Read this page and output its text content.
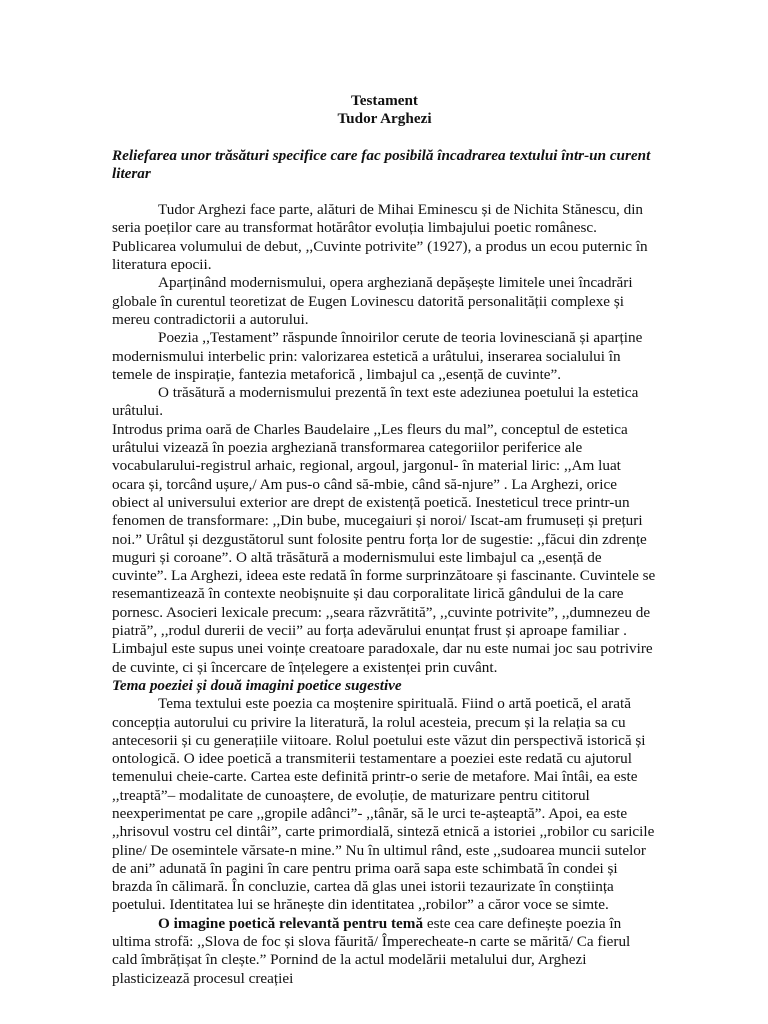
Testament

Tudor Arghezi

Reliefarea unor trăsături specifice care fac posibilă încadrarea textului într-un curent literar

Tudor Arghezi face parte, alături de Mihai Eminescu și de Nichita Stănescu, din seria poeților care au transformat hotărâtor evoluția limbajului poetic românesc. Publicarea volumului de debut, ,,Cuvinte potrivite” (1927), a produs un ecou puternic în literatura epocii.

Aparținând modernismului, opera argheziană depășește limitele unei încadrări globale în curentul teoretizat de Eugen Lovinescu datorită personalității complexe și mereu contradictorii a autorului.

Poezia ,,Testament” răspunde înnoirilor cerute de teoria lovinesciană și aparține modernismului interbelic prin: valorizarea estetică a urâtului, inserarea socialului în temele de inspirație, fantezia metaforică , limbajul ca ,,esență de cuvinte”.

O trăsătură a modernismului prezentă în text este adeziunea poetului la estetica urâtului.

Introdus prima oară de Charles Baudelaire ,,Les fleurs du mal”, conceptul de estetica urâtului vizează în poezia argheziană transformarea categoriilor periferice ale vocabularului-registrul arhaic, regional, argoul, jargonul- în material liric: ,,Am luat ocara și, torcând ușure,/ Am pus-o când să-mbie, când să-njure” . La Arghezi, orice obiect al universului exterior are drept de existență poetică. Inesteticul trece printr-un fenomen de transformare: ,,Din bube, mucegaiuri și noroi/ Iscat-am frumuseți și prețuri noi.” Urâtul și dezgustătorul sunt folosite pentru forța lor de sugestie: ,,făcui din zdrențe muguri și coroane”. O altă trăsătură a modernismului este limbajul ca ,,esență de cuvinte”. La Arghezi, ideea este redată în forme surprinzătoare și fascinante. Cuvintele se resemantizează în contexte neobișnuite și dau corporalitate lirică gândului de la care pornesc. Asocieri lexicale precum: ,,seara răzvrătită”, ,,cuvinte potrivite”, ,,dumnezeu de piatră”, ,,rodul durerii de vecii” au forța adevărului enunțat frust și aproape familiar . Limbajul este supus unei voințe creatoare paradoxale, dar nu este numai joc sau potrivire de cuvinte, ci și încercare de înțelegere a existenței prin cuvânt.

Tema poeziei și două imagini poetice sugestive

Tema textului este poezia ca moștenire spirituală. Fiind o artă poetică, el arată concepția autorului cu privire la literatură, la rolul acesteia, precum și la relația sa cu antecesorii și cu generațiile viitoare. Rolul poetului este văzut din perspectivă istorică și ontologică. O idee poetică a transmiterii testamentare a poeziei este redată cu ajutorul temenului cheie-carte. Cartea este definită printr-o serie de metafore. Mai întâi, ea este ,,treaptă”– modalitate de cunoaștere, de evoluție, de maturizare pentru cititorul neexperimentat pe care ,,gropile adânci”- ,,tânăr, să le urci te-așteaptă”. Apoi, ea este ,,hrisovul vostru cel dintâi”, carte primordială, sinteză etnică a istoriei ,,robilor cu saricile pline/ De osemintele vărsate-n mine.” Nu în ultimul rând, este ,,sudoarea muncii sutelor de ani” adunată în pagini în care pentru prima oară sapa este schimbată în condei și brazda în călimară. În concluzie, cartea dă glas unei istorii tezaurizate în conștiința poetului. Identitatea lui se hrănește din identitatea ,,robilor” a căror voce se simte.

O imagine poetică relevantă pentru temă este cea care definește poezia în ultima strofă: ,,Slova de foc și slova făurită/ Împerecheate-n carte se mărită/ Ca fierul cald îmbrățișat în clește.” Pornind de la actul modelării metalului dur, Arghezi plasticizează procesul creației
